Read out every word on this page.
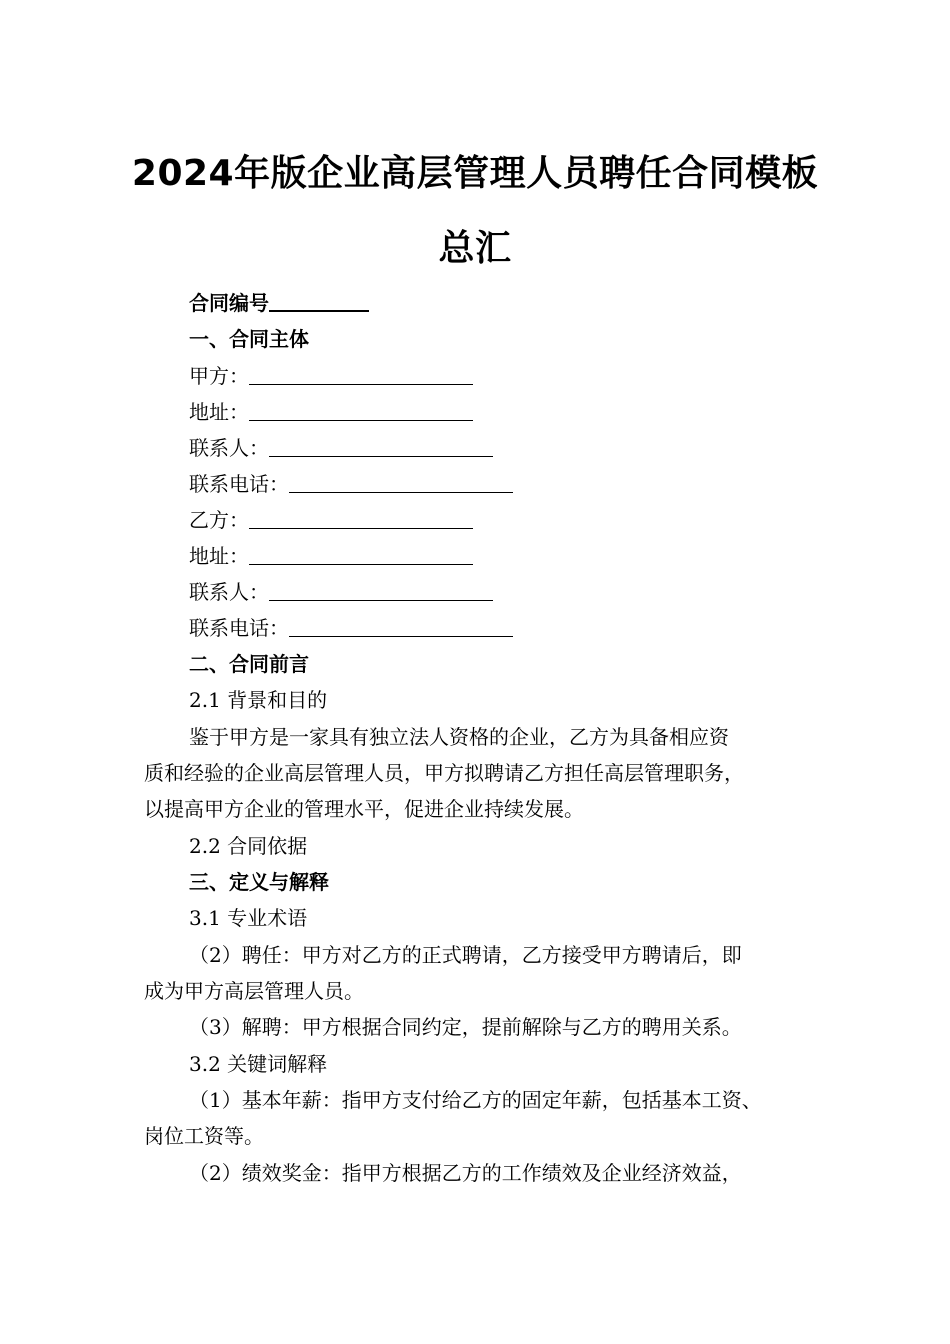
2024年版企业高层管理人员聘任合同模板
总汇
合同编号
一、合同主体
甲方：
地址：
联系人：
联系电话：
乙方：
地址：
联系人：
联系电话：
二、合同前言
2.1 背景和目的
鉴于甲方是一家具有独立法人资格的企业，乙方为具备相应资
质和经验的企业高层管理人员，甲方拟聘请乙方担任高层管理职务，
以提高甲方企业的管理水平，促进企业持续发展。
2.2 合同依据
三、定义与解释
3.1 专业术语
（2）聘任：甲方对乙方的正式聘请，乙方接受甲方聘请后，即
成为甲方高层管理人员。
（3）解聘：甲方根据合同约定，提前解除与乙方的聘用关系。
3.2 关键词解释
（1）基本年薪：指甲方支付给乙方的固定年薪，包括基本工资、
岗位工资等。
（2）绩效奖金：指甲方根据乙方的工作绩效及企业经济效益，
